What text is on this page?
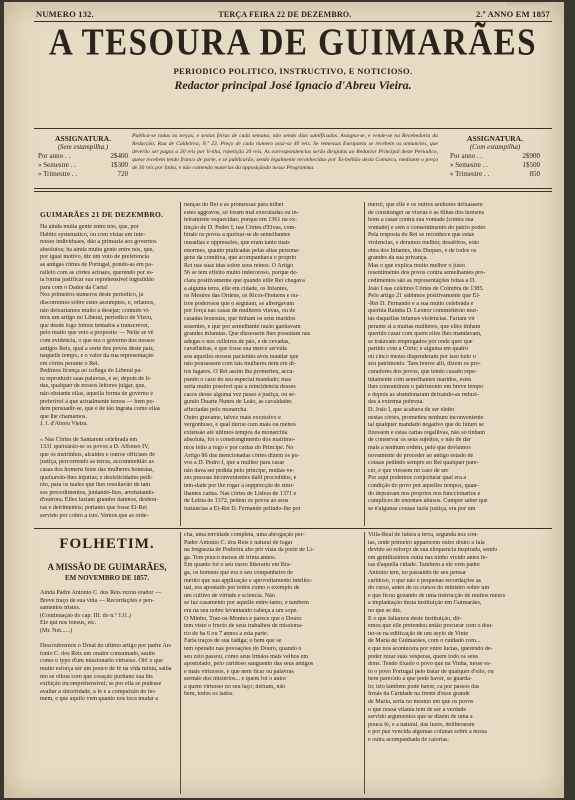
NUMERO 132.	TERÇA FEIRA 22 DE DEZEMBRO.	2.º ANNO EM 1857
A TESOURA DE GUIMARÃES
PERIODICO POLITICO, INSTRUCTIVO, E NOTICIOSO.
Redactor principal José Ignacio d'Abreu Vieira.
ASSIGNATURA.
(Sem estampilha.)
Por anno . .	2$400
» Semestre . .	1$300
» Trimestre . .	720
Publica-se todas as terças, e sextas feiras de cada semana, não sendo dias santificados. Assigna-se, e vende-se na Recebedoria da Redacção, Rua de Caldeiroa, N.º 23. Preço de cada numero avul-so 40 reis. Se remessas Europaeia se recebem os annuncios, que deverão ser pagos a 30 reis por li-nha, repetição 20 reis. As correspondencias serão dirigidas ao Redactor Principal deste Periodico, quese recebem tendo franco de porte, e se publicarão, sendo legalmente reconhecidas por Ta-bellião desta Comarca, mediante o preço de 30 reis por linha, e não contendo materias da opposiçãodo nosso Programma.
ASSIGNATURA.
(Com estampilha)
Por anno . .	2$900
» Semestre . .	1$500
» Trimestre . .	850
GUIMARÃES 21 DE DEZEMBRO.
Ha ainda muita gente entre nós, que, por
Habito systematico, ou com vistas em inte-
resses individuaes, dão a primazia aos governos
absolutos; ha ainda muita gente entre nós, que,
por igual motivo, diz um voto de preferencia
as antigas côrtes de Portugal, pondo-as em pa-
rallelo com as côrtes actuaes, querendo por es-
ta forma justificar sua reprehensivel ingratidão
para com o Dador da Carta!
Nos primeiros numeros deste periodico, já
discorremos sobre estes assumptos, e, orlamos,
não deixariamos muito a desejar; contudo vi-
mos um artigo no Liberal, periodico de Vizeu,
que desde logo fomos tentados a transcrever,
pelo muito que veio a proposito — Nelle se vê
com evidencia, o que era o governo dos nossos
antigos Reis, qual a sorte dos povos deste paiz,
naquelle tempo, e o valor da sua representação
em côrtes perante o Rei.
Pedimos licença ao collega do Liberal pa-
ra reproduzir suas palavras, e se, depois de li-
das, qualquer de nossos leitores julgar, que,
não obstante ellas, aquella forma de governo é
preferivel á que actualmente temos — bem po-
dem persuadir-se, que é de tão ingrata como ellas
que lhe chamamos.
J. I. d'Abreu Vieira.
« Nas Côrtes de Santarem celebrada em
1331 queixárão-se os povos a D. Affonso IV,
que os meirinhos, alcaides e outros officiaes de
justiça, percorrendo as terras, accommettião as
casas dos homens bons das mulheres honestas,
queixavão-lhes injurias; e desfelicidades pedi-
rão, para os males que lhes resultavão de tam
sos procedimentos, juntando-lhes, arrebatando-
d'outrora. Elles faziam grandes damnos, deshon-
ras e detrimentos; portanto que fosse El-Rei
servido por cobro a isto. Vemos que as orde-
nanças do Rei e as promessas para tolher
estes aggravos, só foram mal executadas ou in-
teiramente esquecidas; porque em 1361 na ex-
tinção de D. Pedro I, nas Côrtes d'Elvas, com-
binão os povos a queixar-se de semelhantes
ousadias e oppressões, que eram tanto mais
enormes, quanto praticadas pelas altas persona-
gens da comitiva, que acompanhava o proprio
Rei nas suas idas sobre seus reinos. O Artigo
56 se tem effeito muito indecoroso, porque de-
clara positivamente que quando ellle Rei chegava
a alguma terra, elle em cidade, os Infantes,
os Mestres das Ordens, os Ricos-Homens e ou-
tros poderosos que o seguiam, se albergavam
por força nas casas de mulheres viuvas, ou de
casadas honestas, que tinham os seus maridos
ausentes, e que por semelhante razão ganhavam
grandes infamias. Que dissessem lhes possuiam nas
adegas e nos celleiros de pão, e de cevadas,
cavalheiras, e que fosse sua merce servida
aos aquelles nossos pacientes avós mandar que
não pousassem com tais mulheres nem em di-
tos lugares. O Rei assim lha prometteu, accu-
pando o caso do seu especial mandado; mas
seria muito possivel que a reincidencia desses
casos desse alguma vez passo á justiça, ou se-
gundo Duarte Nunes de Leão, as cavaldades
affectadas pelo monarcha.
Outro gravame, talvez mais excessivo e
vergonhoso, e qual durou com mais ou menos
extensão até ultimos tempos da monarchia
absoluta, foi o constrangimento dos matrimo-
nios feito a rogo e por cartas do Principe. No
Artigo 86 das mencionadas côrtes dizem os po-
vos a D. Pedro I, que a mulher para casar
não dava ser pedida pelo principe, muitas ve-
zes pessoas inconvenientes dalli procedidos, e
tem-dade por lhe rogar a supprecção de simi-
lhantes cartas. Nas côrtes de Lisboa de 1371 e
de Leiria de 1372, pedem os povos ao seus
instancias a El-Rei D. Fernando pelindo-lhe por
mercê, que elle e os outros senhores deixassem
de constranger as viuvas e as filhas dos homens
bons a casar contra sua vontade (contra sua
vontade) e sem o consentimento do pátrio poder.
Pela resposta do Rei se reconhece que estas
violencias, e deramos melhor, desafôros, erão
obra dos Infantes, dos Duques, e de todos os
grandes da sua privança.
Mas o que explica muito melhor o justo
resentimento dos povos contra semelhantes pro-
cedimentos são as representações feitas a D.
João I nas celebres Côrtes de Coimbra de 1385.
Pelo artigo 21 sábhmos positivamente que El-
-Rei D. Fernando e a sua muito celebrada e
querida Rainha D. Leonor commettérão mui-
tas daquellas infames violencias. Fariam vir
perante si a muitas mulheres, que elles tinham
querido casar com quem elles lhes mandavam,
se tratavam empregados por onde quer que
partido com a Côrte; e alguma em quatro
ou cinco mezes dispenderam por isso todo o
seu patrimonio. Taes houve alli, dizem os pro-
curadores dos povos, que tendo casado repe-
tidamente com semelhantes maridos, estes
lhes consumiram o patrimonio em breve tempo
e depois as abandonaram deixando-as reduzi-
das á extrema pobreza.
D. João I, que acabava de ser eleito
nestas côrtes, prometteu nenhum inconveniente
tal qualquer mandado negativo que de futuro se
fizessem e estas cartas regallivas, não só tinham
de conservar os seus sujeitos, e não de dar
mais a nenhum ordem, pelo que deviamos
novamente de proceder ao antigo estado de
cousas pedindo sempre ao Rei qualquer pare-
cer, e que viessem no caso de ser
Por aqui podemos conjecturar qual era a
condição do povo por aquelles tempos, quan-
do depravam nos proprios nos funccionarios e
cumplices de enormes abusos. Cumpre saber que
se n'algunas cousas fazia justiça, era por um
FOLHETIM.
A MISSÃO DE GUIMARÃES,
EM NOVEMBRO DE 1857.
Ainda Padre Antonio C. dos Reis rezou orador —
Breve traço de sua vida — Recordações e pen-
samentos tristes.
(Continuação do cap. III. do n.º 131.)
Ele qui nos tonsus, etc.
(Mr. Net......)
Descoubremos o Dreal do ultimo artigo por padre An-
tonio C. dos Reis um orador consumado, assim
como o typo d'um missionario virtuoso. Oh! o que
muito esforça ser um pouco de fé na vida mixta, saiba
mo se olhou com que coração puritano sua his
exibição incomprehensivel; se por ella se pudesse
avaliar a sinceridade, a fé e a compaixão do ho-
mem, e que aquilo vem quanto nos toca mudar a
cha, uma envidade completa, uma abrogação per-
Padre Antonio C. dos Reis é natural de logar
na freguezia de Podreira abo pôr vista da porte de Li-
ga. Tem pouco menos de trinta annos.
Em quanto foi o seu curso litterario em Bra-
ga, os homens que era o seu companheiro de
mérito que sua applicação e aproveitamento intellec-
ual, era apontado por todos como o exemplo de
um cultivo de virtude e sciencia. Não
se faz casamento por aquelle entre-tanto, e tambem
era na seu nobre levantando cabeça a um sopé.
O Minho, Traz-os-Montes e parece que o Douro
tem visto o fructo de seus trabalhos de missiona-
rio de ha 6 ou 7 annos a esta parte.
Faria traços de sua fadiga; o bem que se
tem operado nas povoações do Douro, quando o
seu zelo passou, como seus irmãos mais velhos em
apostolado, pelo caridoso sanguento das seus amigos
e mais virtuosos, e que nem ficar ou palavras
sermão dos mistérios... e quem foi o autor
a quem virtuoso no seu laço; deixam, não
bem, todos os lados.
Villa-Real de fatura a terra, segunda nos con-
tas, onde primeiro apparecem outro douto a fala
devido ao esforço de sua eloquencia inspirada, sendo
em gentilíssimos outra nas ninho vivido antes fe-
ras d'aquella cidade. Tambem a ele vem padre
Antonio tem, no passando de seu pensar
caridoso, o que não é pequenas recordações as
do curso, antes de os cursos do ministro sobre um
e que ficou gozando de uma instrucção de muitos mezes
a implantação desta instituição em Guimarães,
no que se diz.
E o que faltamos deste instituição, dir-
emos que elle pretendeu então procurar com o dou-
ter-se na edificação de um asylo de Vinte
de Maria de Guimarães, com o cuidado com...
e que nos acontecera por entre luctas, querendo de-
poder rezar suas vésperas, quem todo os seus
dons. Tendo fixado o povo que na Vinha, nesse es-
to o povo Portugal pelo tratar de qualquer d'ello, ou
bem parecido a que pode haver, se guarda-
lo; isto tambem pode haver, cá por passos das
Irmãs da Caridade na frente d'esse grande
de Maria, seria no mesmo em que os povos
o que nossa vilania tem de ser a verdade
servido argumentos que se dizem de uma a
pouca fé, e a natural, das luzes, deliberaram
e por paz vencida algumas colunas sobre a nossa
e outra acompanhada de calorias.
